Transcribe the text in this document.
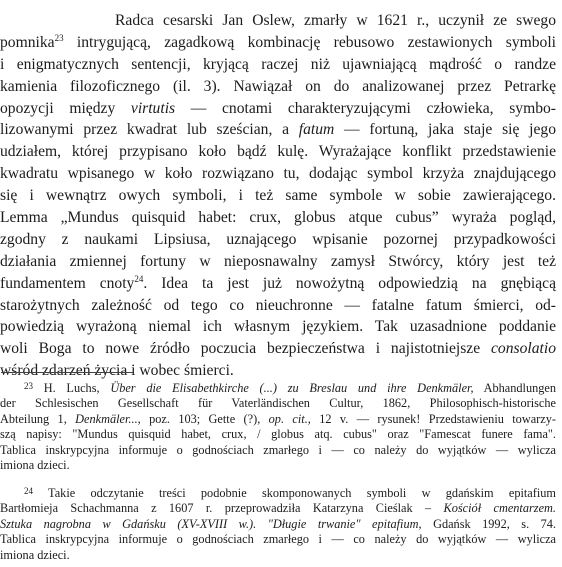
Radca cesarski Jan Oslew, zmarły w 1621 r., uczynił ze swego
pomnika$^{23}$ intrygującą, zagadkową kombinację rebusowo zestawionych symboli
i enigmatycznych sentencji, kryjącą raczej niż ujawniającą mądrość o randze
kamienia filozoficznego (il. 3). Nawiązał on do analizowanej przez Petrarkę
opozycji między virtutis — cnotami charakteryzującymi człowieka, symbo-
lizowanymi przez kwadrat lub sześcian, a fatum — fortuną, jaka staje się jego
udziałem, której przypisano koło bądź kulę. Wyrażające konflikt przedstawienie
kwadratu wpisanego w koło rozwiązano tu, dodając symbol krzyża znajdującego
się i wewnątrz owych symboli, i też same symbole w sobie zawierającego.
Lemma „Mundus quisquid habet: crux, globus atque cubus” wyraża pogląd,
zgodny z naukami Lipsiusa, uznającego wpisanie pozornej przypadkowości
działania zmiennej fortuny w nieposnawalny zamysł Stwórcy, który jest też
fundamentem cnoty$^{24}$. Idea ta jest już nowożytną odpowiedzią na gnębiącą
starożytnych zależność od tego co nieuchronne — fatalne fatum śmierci, od-
powiedzią wyrażoną niemal ich własnym językiem. Tak uzasadnione poddanie
woli Boga to nowe źródło poczucia bezpieczeństwa i najistotniejsze consolatio
wśród zdarzeń życia i wobec śmierci.
$^{23}$ H. Luchs, Über die Elisabethkirche (...) zu Breslau und ihre Denkmäler, Abhandlungen
der Schlesischen Gesellschaft für Vaterländischen Cultur, 1862, Philosophisch-historische
Abteilung 1, Denkmäler..., poz. 103; Gette (?), op. cit., 12 v. — rysunek! Przedstawieniu towarzy-
szą napisy: "Mundus quisquid habet, crux, / globus atq. cubus" oraz "Famescat funere fama".
Tablica inskrypcyjna informuje o godnościach zmarłego i — co należy do wyjątków — wylicza
imiona dzieci.
$^{24}$ Takie odczytanie treści podobnie skomponowanych symboli w gdańskim epitafium
Bartłomieja Schachmanna z 1607 r. przeprowadziła Katarzyna Cieślak – Kościół cmentarzem.
Sztuka nagrobna w Gdańsku (XV-XVIII w.). "Długie trwanie" epitafium, Gdańsk 1992, s. 74.
Tablica inskrypcyjna informuje o godnościach zmarłego i — co należy do wyjątków — wylicza
imiona dzieci.
